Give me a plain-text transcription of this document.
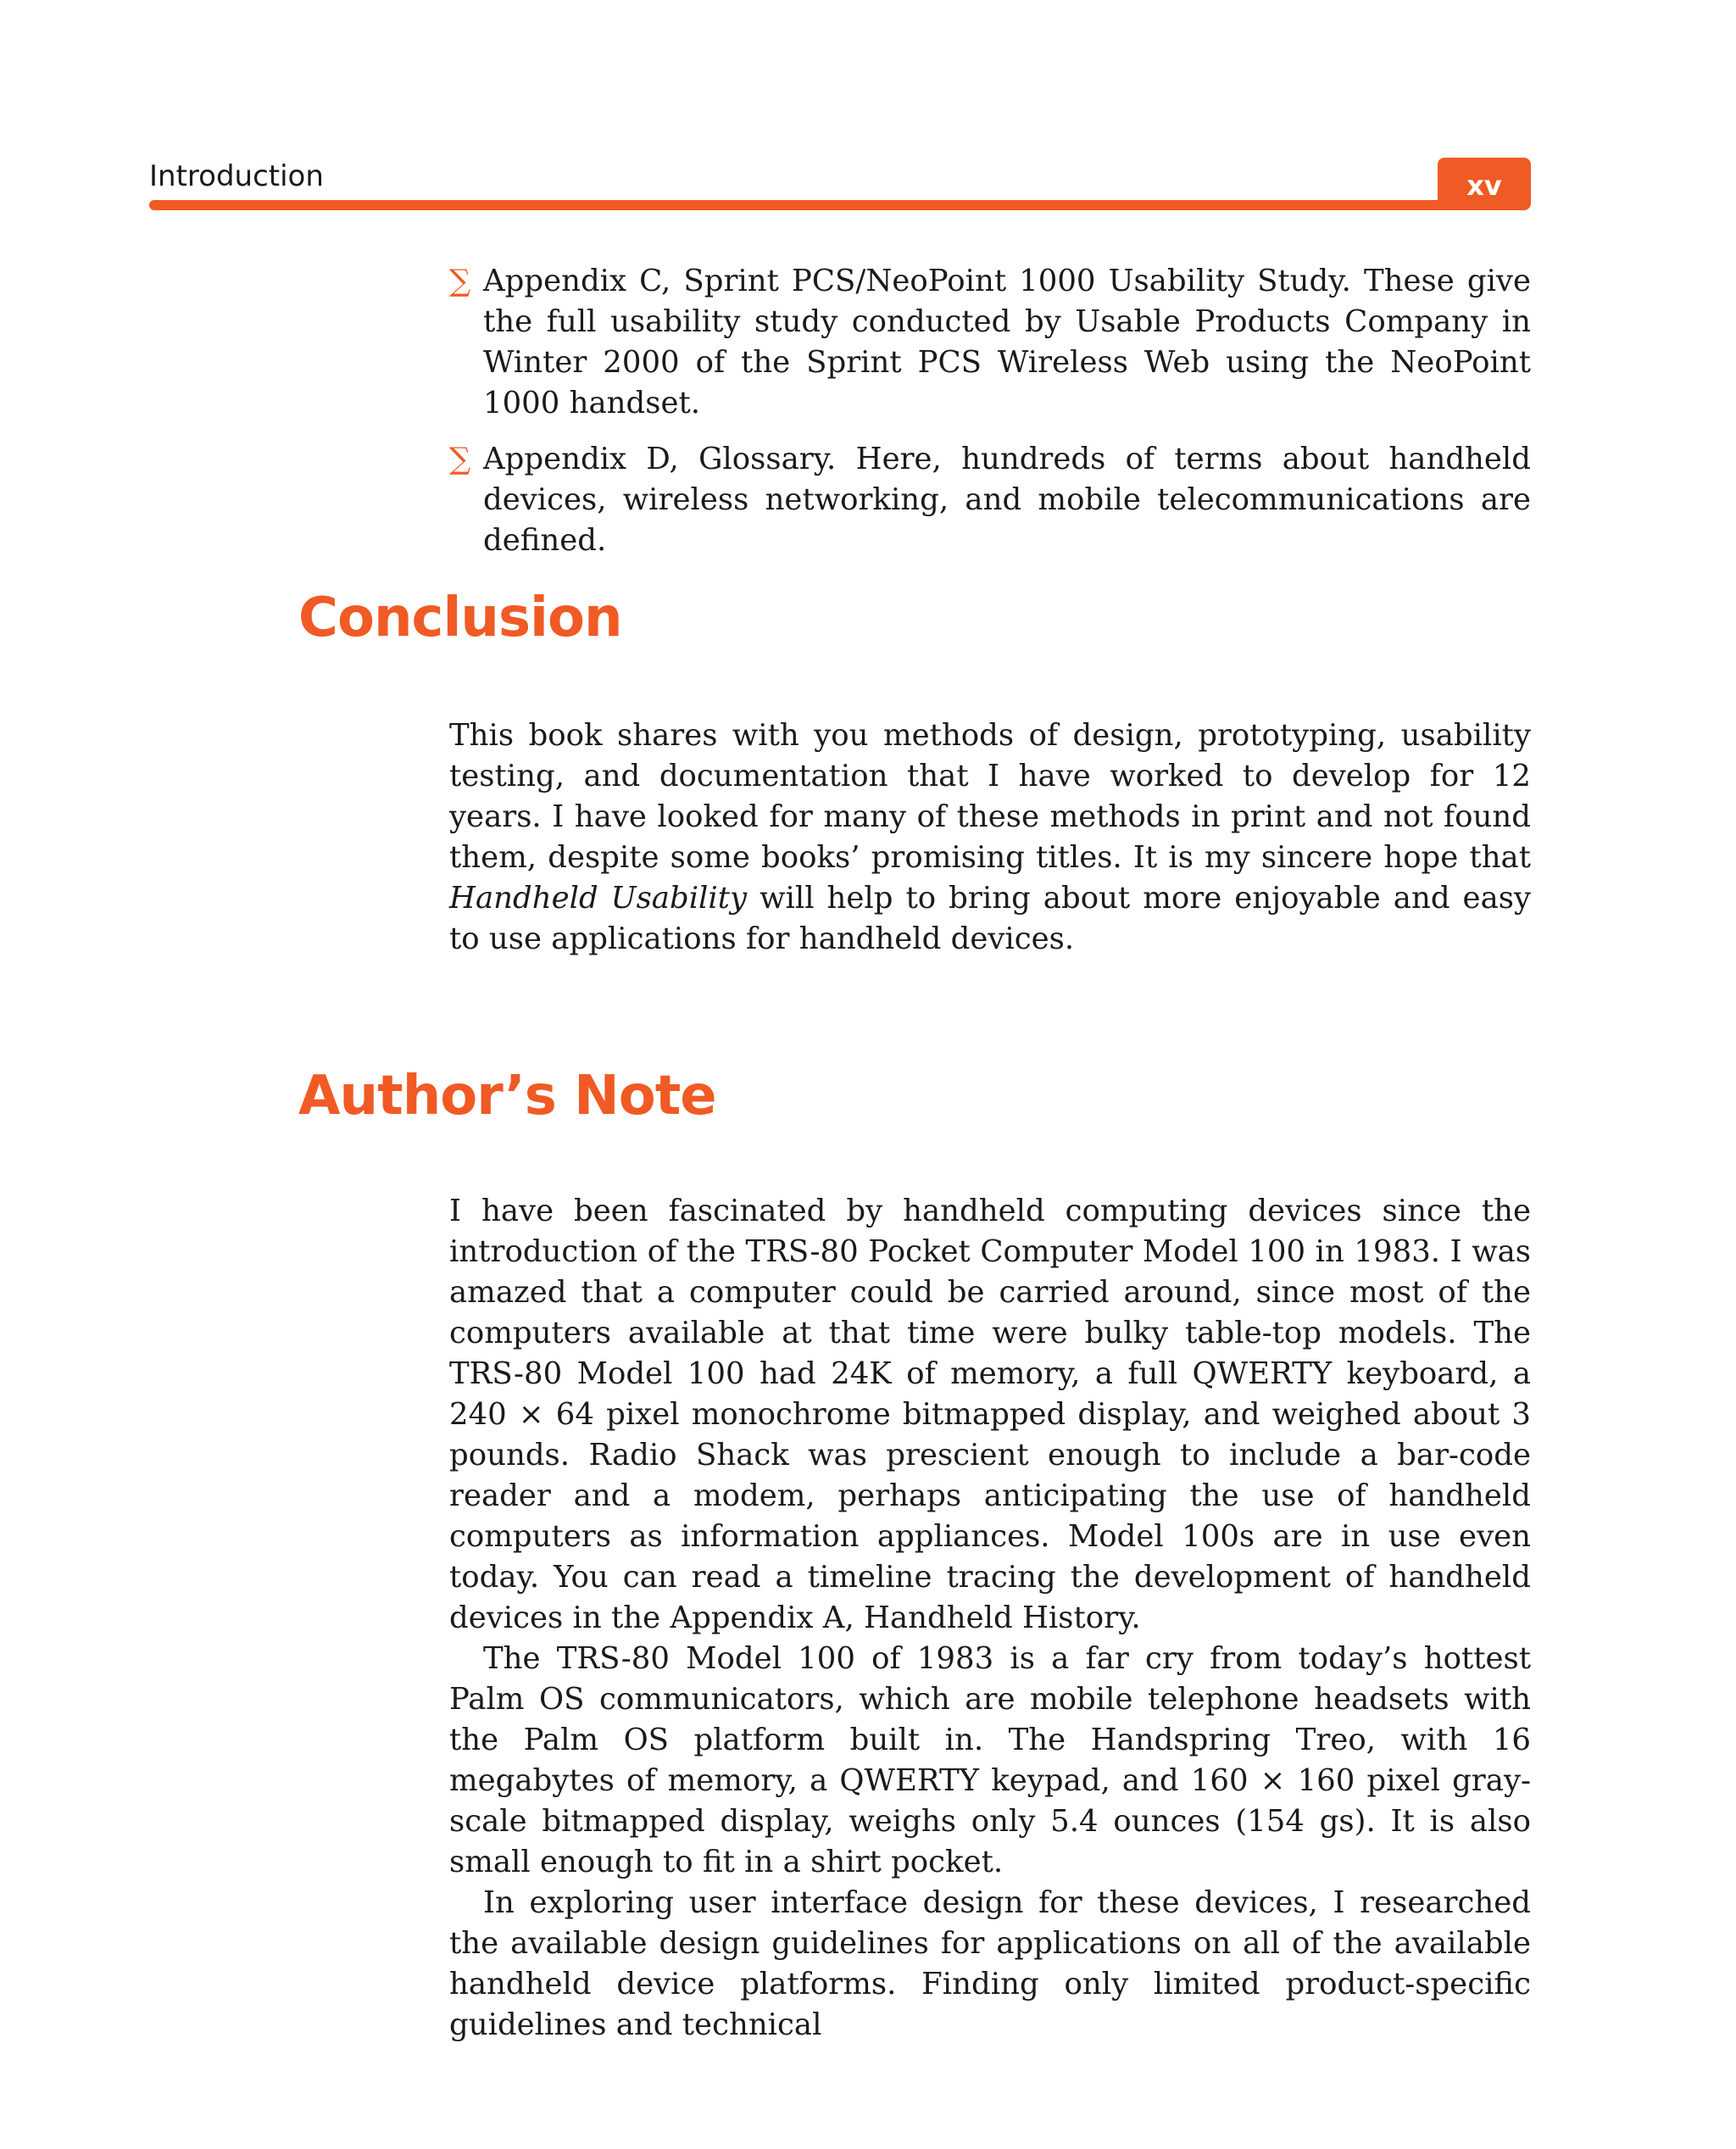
Introduction	xv
∑ Appendix C, Sprint PCS/NeoPoint 1000 Usability Study. These give the full usability study conducted by Usable Products Company in Winter 2000 of the Sprint PCS Wireless Web using the NeoPoint 1000 handset.
∑ Appendix D, Glossary. Here, hundreds of terms about handheld devices, wireless networking, and mobile telecommunications are defined.
Conclusion

This book shares with you methods of design, prototyping, usability testing, and documentation that I have worked to develop for 12 years. I have looked for many of these methods in print and not found them, despite some books’ promising titles. It is my sincere hope that Handheld Usability will help to bring about more enjoyable and easy to use applications for handheld devices.

Author’s Note

I have been fascinated by handheld computing devices since the introduction of the TRS-80 Pocket Computer Model 100 in 1983. I was amazed that a computer could be carried around, since most of the computers available at that time were bulky table-top models. The TRS-80 Model 100 had 24K of memory, a full QWERTY keyboard, a 240 × 64 pixel monochrome bitmapped display, and weighed about 3 pounds. Radio Shack was prescient enough to include a bar-code reader and a modem, perhaps anticipating the use of handheld computers as information appliances. Model 100s are in use even today. You can read a timeline tracing the development of handheld devices in the Appendix A, Handheld History.

The TRS-80 Model 100 of 1983 is a far cry from today’s hottest Palm OS communicators, which are mobile telephone headsets with the Palm OS platform built in. The Handspring Treo, with 16 megabytes of memory, a QWERTY keypad, and 160 × 160 pixel gray-scale bitmapped display, weighs only 5.4 ounces (154 gs). It is also small enough to fit in a shirt pocket.

In exploring user interface design for these devices, I researched the available design guidelines for applications on all of the available handheld device platforms. Finding only limited product-specific guidelines and technical
